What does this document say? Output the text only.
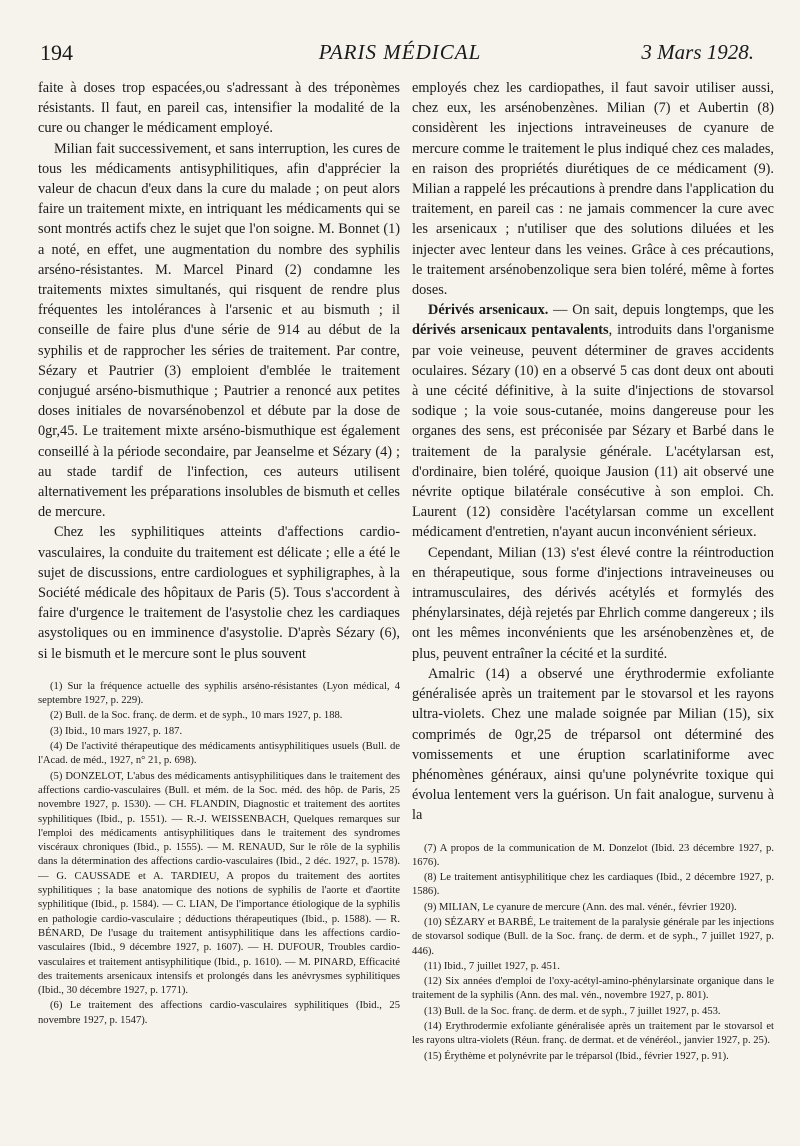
194	PARIS MÉDICAL	3 Mars 1928.

faite à doses trop espacées,ou s'adressant à des tréponèmes résistants. Il faut, en pareil cas, intensifier la modalité de la cure ou changer le médicament employé.

Milian fait successivement, et sans interruption, les cures de tous les médicaments antisyphilitiques, afin d'apprécier la valeur de chacun d'eux dans la cure du malade ; on peut alors faire un traitement mixte, en intriquant les médicaments qui se sont montrés actifs chez le sujet que l'on soigne. M. Bonnet (1) a noté, en effet, une augmentation du nombre des syphilis arséno-résistantes. M. Marcel Pinard (2) condamne les traitements mixtes simultanés, qui risquent de rendre plus fréquentes les intolérances à l'arsenic et au bismuth ; il conseille de faire plus d'une série de 914 au début de la syphilis et de rapprocher les séries de traitement. Par contre, Sézary et Pautrier (3) emploient d'emblée le traitement conjugué arséno-bismuthique ; Pautrier a renoncé aux petites doses initiales de novarsénobenzol et débute par la dose de 0gr,45. Le traitement mixte arséno-bismuthique est également conseillé à la période secondaire, par Jeanselme et Sézary (4) ; au stade tardif de l'infection, ces auteurs utilisent alternativement les préparations insolubles de bismuth et celles de mercure.

Chez les syphilitiques atteints d'affections cardio-vasculaires, la conduite du traitement est délicate ; elle a été le sujet de discussions, entre cardiologues et syphiligraphes, à la Société médicale des hôpitaux de Paris (5). Tous s'accordent à faire d'urgence le traitement de l'asystolie chez les cardiaques asystoliques ou en imminence d'asystolie. D'après Sézary (6), si le bismuth et le mercure sont le plus souvent

(1) Sur la fréquence actuelle des syphilis arséno-résistantes (Lyon médical, 4 septembre 1927, p. 229).

(2) Bull. de la Soc. franç. de derm. et de syph., 10 mars 1927, p. 188.

(3) Ibid., 10 mars 1927, p. 187.

(4) De l'activité thérapeutique des médicaments antisyphilitiques usuels (Bull. de l'Acad. de méd., 1927, n° 21, p. 698).

(5) DONZELOT, L'abus des médicaments antisyphilitiques dans le traitement des affections cardio-vasculaires (Bull. et mém. de la Soc. méd. des hôp. de Paris, 25 novembre 1927, p. 1530). — CH. FLANDIN, Diagnostic et traitement des aortites syphilitiques (Ibid., p. 1551). — R.-J. WEISSENBACH, Quelques remarques sur l'emploi des médicaments antisyphilitiques dans le traitement des syndromes viscéraux chroniques (Ibid., p. 1555). — M. RENAUD, Sur le rôle de la syphilis dans la détermination des affections cardio-vasculaires (Ibid., 2 déc. 1927, p. 1578). — G. CAUSSADE et A. TARDIEU, A propos du traitement des aortites syphilitiques ; la base anatomique des notions de syphilis de l'aorte et d'aortite syphilitique (Ibid., p. 1584). — C. LIAN, De l'importance étiologique de la syphilis en pathologie cardio-vasculaire ; déductions thérapeutiques (Ibid., p. 1588). — R. BÉNARD, De l'usage du traitement antisyphilitique dans les affections cardio-vasculaires (Ibid., 9 décembre 1927, p. 1607). — H. DUFOUR, Troubles cardio-vasculaires et traitement antisyphilitique (Ibid., p. 1610). — M. PINARD, Efficacité des traitements arsenicaux intensifs et prolongés dans les anévrysmes syphilitiques (Ibid., 30 décembre 1927, p. 1771).

(6) Le traitement des affections cardio-vasculaires syphilitiques (Ibid., 25 novembre 1927, p. 1547).

employés chez les cardiopathes, il faut savoir utiliser aussi, chez eux, les arsénobenzènes. Milian (7) et Aubertin (8) considèrent les injections intraveineuses de cyanure de mercure comme le traitement le plus indiqué chez ces malades, en raison des propriétés diurétiques de ce médicament (9). Milian a rappelé les précautions à prendre dans l'application du traitement, en pareil cas : ne jamais commencer la cure avec les arsenicaux ; n'utiliser que des solutions diluées et les injecter avec lenteur dans les veines. Grâce à ces précautions, le traitement arsénobenzolique sera bien toléré, même à fortes doses.

Dérivés arsenicaux. — On sait, depuis longtemps, que les dérivés arsenicaux pentavalents, introduits dans l'organisme par voie veineuse, peuvent déterminer de graves accidents oculaires. Sézary (10) en a observé 5 cas dont deux ont abouti à une cécité définitive, à la suite d'injections de stovarsol sodique ; la voie sous-cutanée, moins dangereuse pour les organes des sens, est préconisée par Sézary et Barbé dans le traitement de la paralysie générale. L'acétylarsan est, d'ordinaire, bien toléré, quoique Jausion (11) ait observé une névrite optique bilatérale consécutive à son emploi. Ch. Laurent (12) considère l'acétylarsan comme un excellent médicament d'entretien, n'ayant aucun inconvénient sérieux.

Cependant, Milian (13) s'est élevé contre la réintroduction en thérapeutique, sous forme d'injections intraveineuses ou intramusculaires, des dérivés acétylés et formylés des phénylarsinates, déjà rejetés par Ehrlich comme dangereux ; ils ont les mêmes inconvénients que les arsénobenzènes et, de plus, peuvent entraîner la cécité et la surdité.

Amalric (14) a observé une érythrodermie exfoliante généralisée après un traitement par le stovarsol et les rayons ultra-violets. Chez une malade soignée par Milian (15), six comprimés de 0gr,25 de tréparsol ont déterminé des vomissements et une éruption scarlatiniforme avec phénomènes généraux, ainsi qu'une polynévrite toxique qui évolua lentement vers la guérison. Un fait analogue, survenu à la

(7) A propos de la communication de M. Donzelot (Ibid. 23 décembre 1927, p. 1676).

(8) Le traitement antisyphilitique chez les cardiaques (Ibid., 2 décembre 1927, p. 1586).

(9) MILIAN, Le cyanure de mercure (Ann. des mal. vénér., février 1920).

(10) SÉZARY et BARBÉ, Le traitement de la paralysie générale par les injections de stovarsol sodique (Bull. de la Soc. franç. de derm. et de syph., 7 juillet 1927, p. 446).

(11) Ibid., 7 juillet 1927, p. 451.

(12) Six années d'emploi de l'oxy-acétyl-amino-phénylarsinate organique dans le traitement de la syphilis (Ann. des mal. vén., novembre 1927, p. 801).

(13) Bull. de la Soc. franç. de derm. et de syph., 7 juillet 1927, p. 453.

(14) Erythrodermie exfoliante généralisée après un traitement par le stovarsol et les rayons ultra-violets (Réun. franç. de dermat. et de vénéréol., janvier 1927, p. 25).

(15) Érythème et polynévrite par le tréparsol (Ibid., février 1927, p. 91).
